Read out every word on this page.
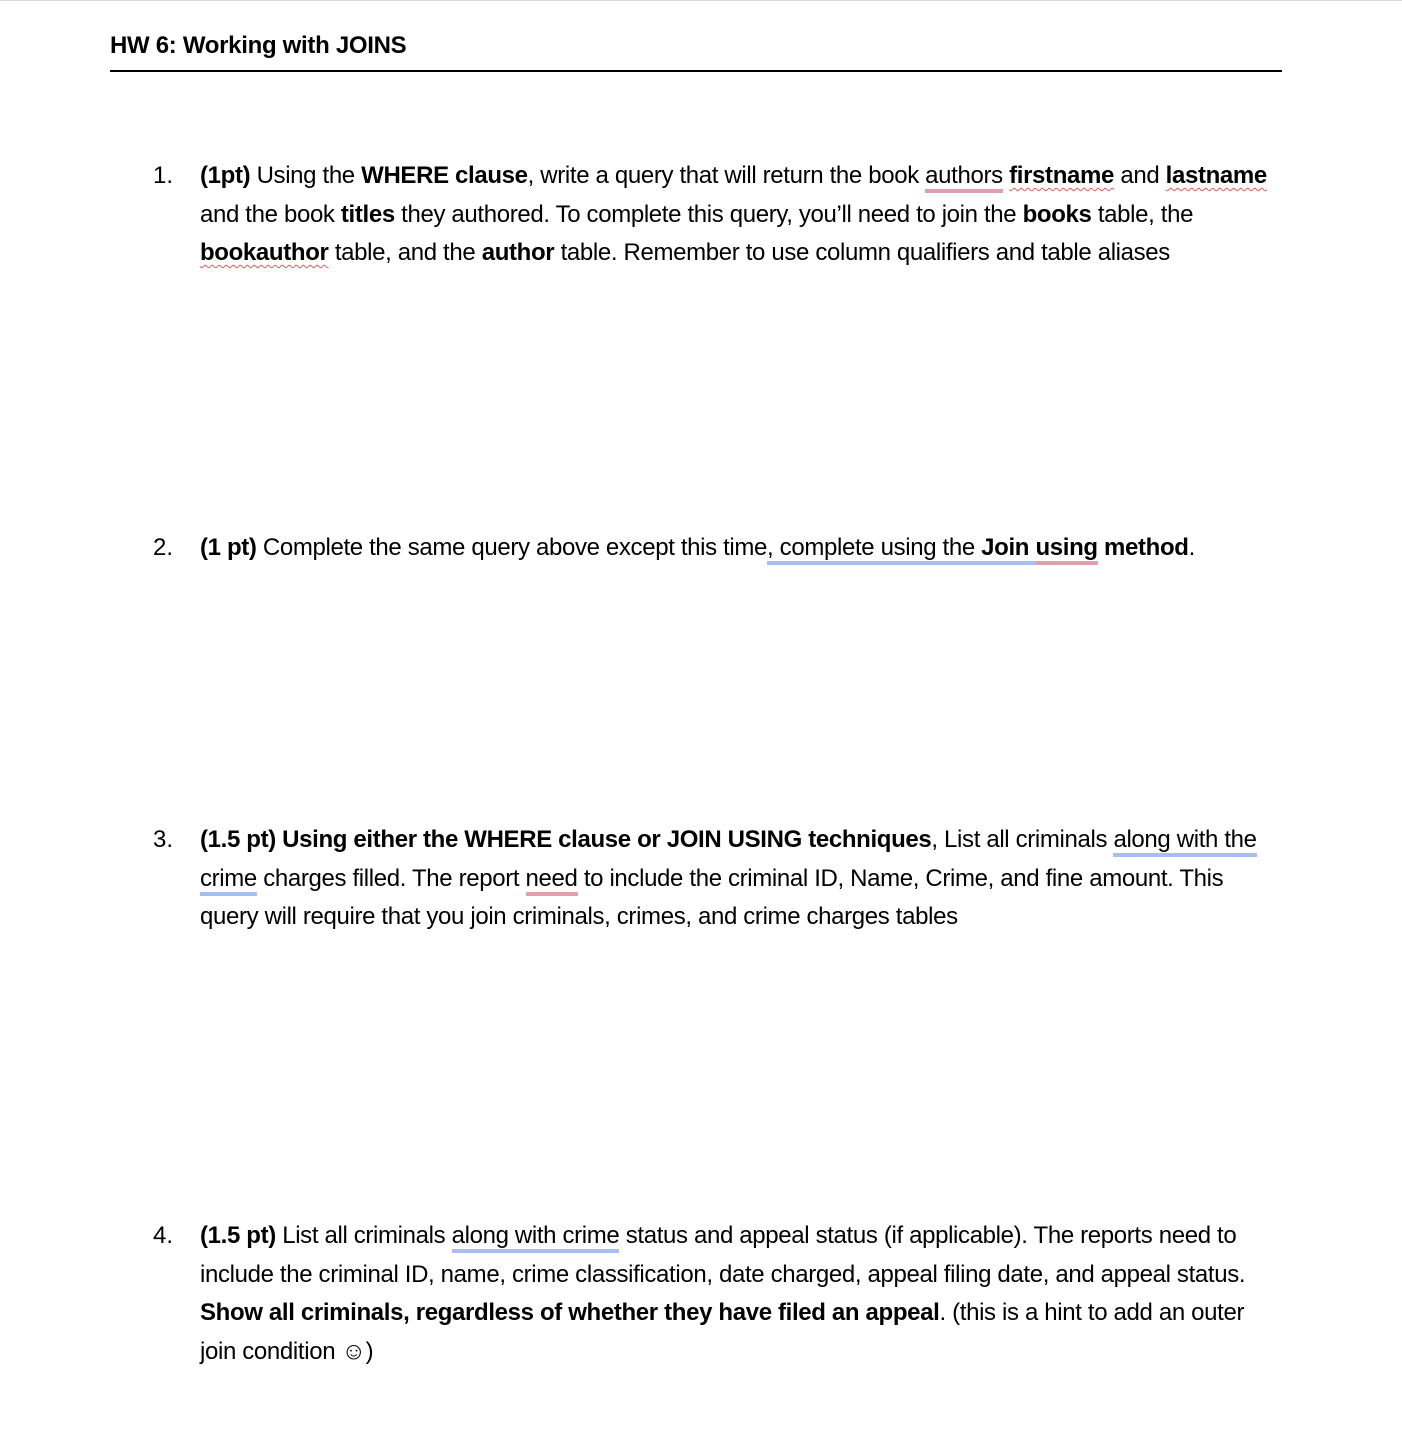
HW 6: Working with JOINS
1. (1pt) Using the WHERE clause, write a query that will return the book authors firstname and lastname and the book titles they authored. To complete this query, you’ll need to join the books table, the bookauthor table, and the author table. Remember to use column qualifiers and table aliases
2. (1 pt) Complete the same query above except this time, complete using the Join using method.
3. (1.5 pt) Using either the WHERE clause or JOIN USING techniques, List all criminals along with the crime charges filled. The report need to include the criminal ID, Name, Crime, and fine amount. This query will require that you join criminals, crimes, and crime charges tables
4. (1.5 pt) List all criminals along with crime status and appeal status (if applicable). The reports need to include the criminal ID, name, crime classification, date charged, appeal filing date, and appeal status. Show all criminals, regardless of whether they have filed an appeal. (this is a hint to add an outer join condition ☺)
